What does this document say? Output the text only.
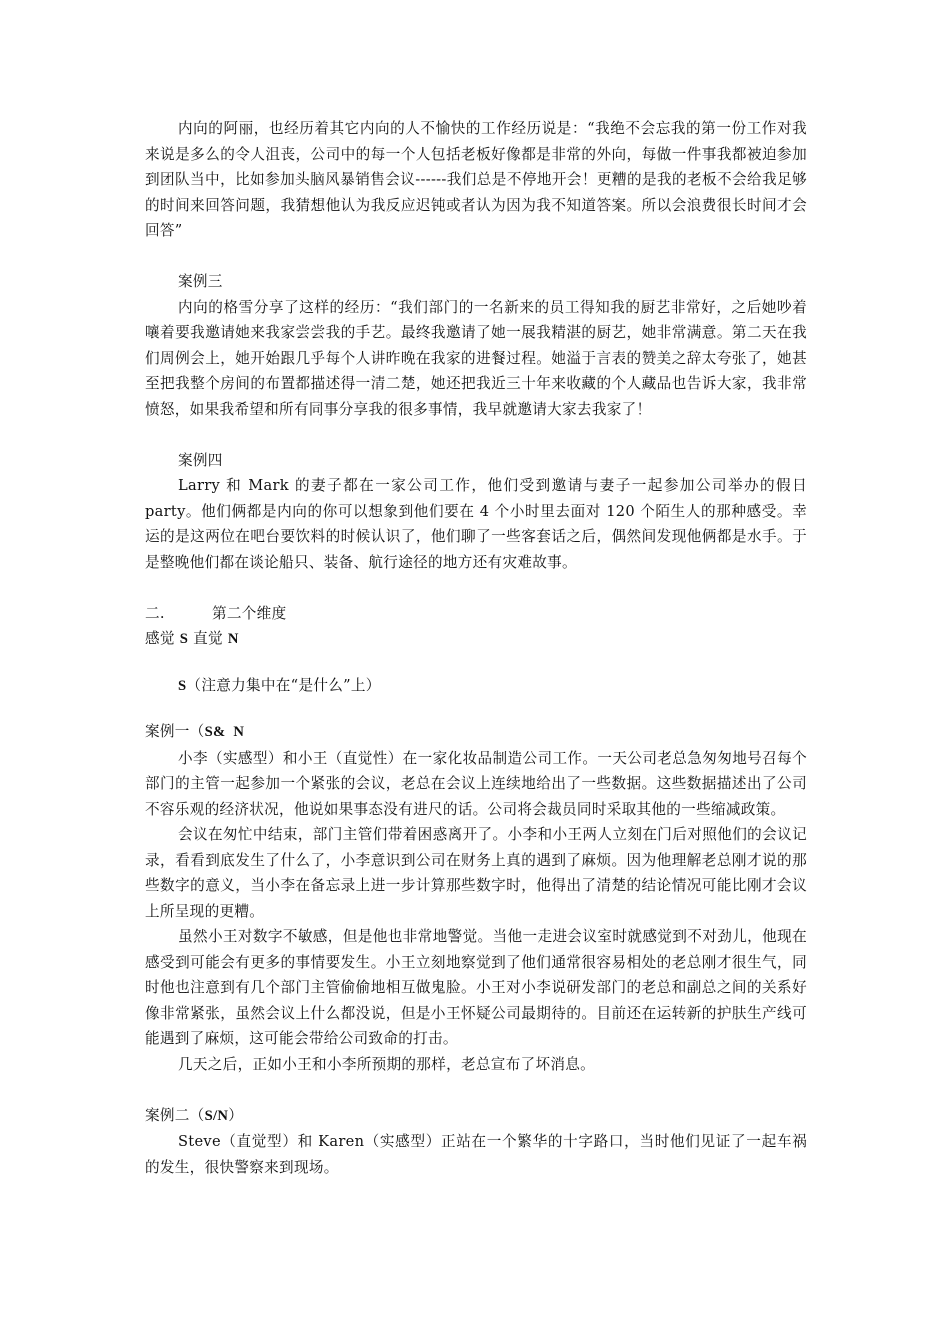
内向的阿丽，也经历着其它内向的人不愉快的工作经历说是：“我绝不会忘我的第一份工作对我来说是多么的令人沮丧，公司中的每一个人包括老板好像都是非常的外向，每做一件事我都被迫参加到团队当中，比如参加头脑风暴销售会议------我们总是不停地开会！更糟的是我的老板不会给我足够的时间来回答问题，我猜想他认为我反应迟钝或者认为因为我不知道答案。所以会浪费很长时间才会回答”

案例三

内向的格雪分享了这样的经历：“我们部门的一名新来的员工得知我的厨艺非常好，之后她吵着嚷着要我邀请她来我家尝尝我的手艺。最终我邀请了她一展我精湛的厨艺，她非常满意。第二天在我们周例会上，她开始跟几乎每个人讲昨晚在我家的进餐过程。她溢于言表的赞美之辞太夸张了，她甚至把我整个房间的布置都描述得一清二楚，她还把我近三十年来收藏的个人藏品也告诉大家，我非常愤怒，如果我希望和所有同事分享我的很多事情，我早就邀请大家去我家了！

案例四

Larry 和 Mark 的妻子都在一家公司工作，他们受到邀请与妻子一起参加公司举办的假日 party。他们俩都是内向的你可以想象到他们要在 4 个小时里去面对 120 个陌生人的那种感受。幸运的是这两位在吧台要饮料的时候认识了，他们聊了一些客套话之后，偶然间发现他俩都是水手。于是整晚他们都在谈论船只、装备、航行途径的地方还有灾难故事。

二.	第二个维度

感觉 S 直觉 N

S（注意力集中在“是什么”上）

案例一（S&  N

小李（实感型）和小王（直觉性）在一家化妆品制造公司工作。一天公司老总急匆匆地号召每个部门的主管一起参加一个紧张的会议，老总在会议上连续地给出了一些数据。这些数据描述出了公司不容乐观的经济状况，他说如果事态没有进尺的话。公司将会裁员同时采取其他的一些缩减政策。

会议在匆忙中结束，部门主管们带着困惑离开了。小李和小王两人立刻在门后对照他们的会议记录，看看到底发生了什么了，小李意识到公司在财务上真的遇到了麻烦。因为他理解老总刚才说的那些数字的意义，当小李在备忘录上进一步计算那些数字时，他得出了清楚的结论情况可能比刚才会议上所呈现的更糟。

虽然小王对数字不敏感，但是他也非常地警觉。当他一走进会议室时就感觉到不对劲儿，他现在感受到可能会有更多的事情要发生。小王立刻地察觉到了他们通常很容易相处的老总刚才很生气，同时他也注意到有几个部门主管偷偷地相互做鬼脸。小王对小李说研发部门的老总和副总之间的关系好像非常紧张，虽然会议上什么都没说，但是小王怀疑公司最期待的。目前还在运转新的护肤生产线可能遇到了麻烦，这可能会带给公司致命的打击。

几天之后，正如小王和小李所预期的那样，老总宣布了坏消息。

案例二（S/N）

Steve（直觉型）和 Karen（实感型）正站在一个繁华的十字路口，当时他们见证了一起车祸的发生，很快警察来到现场。
